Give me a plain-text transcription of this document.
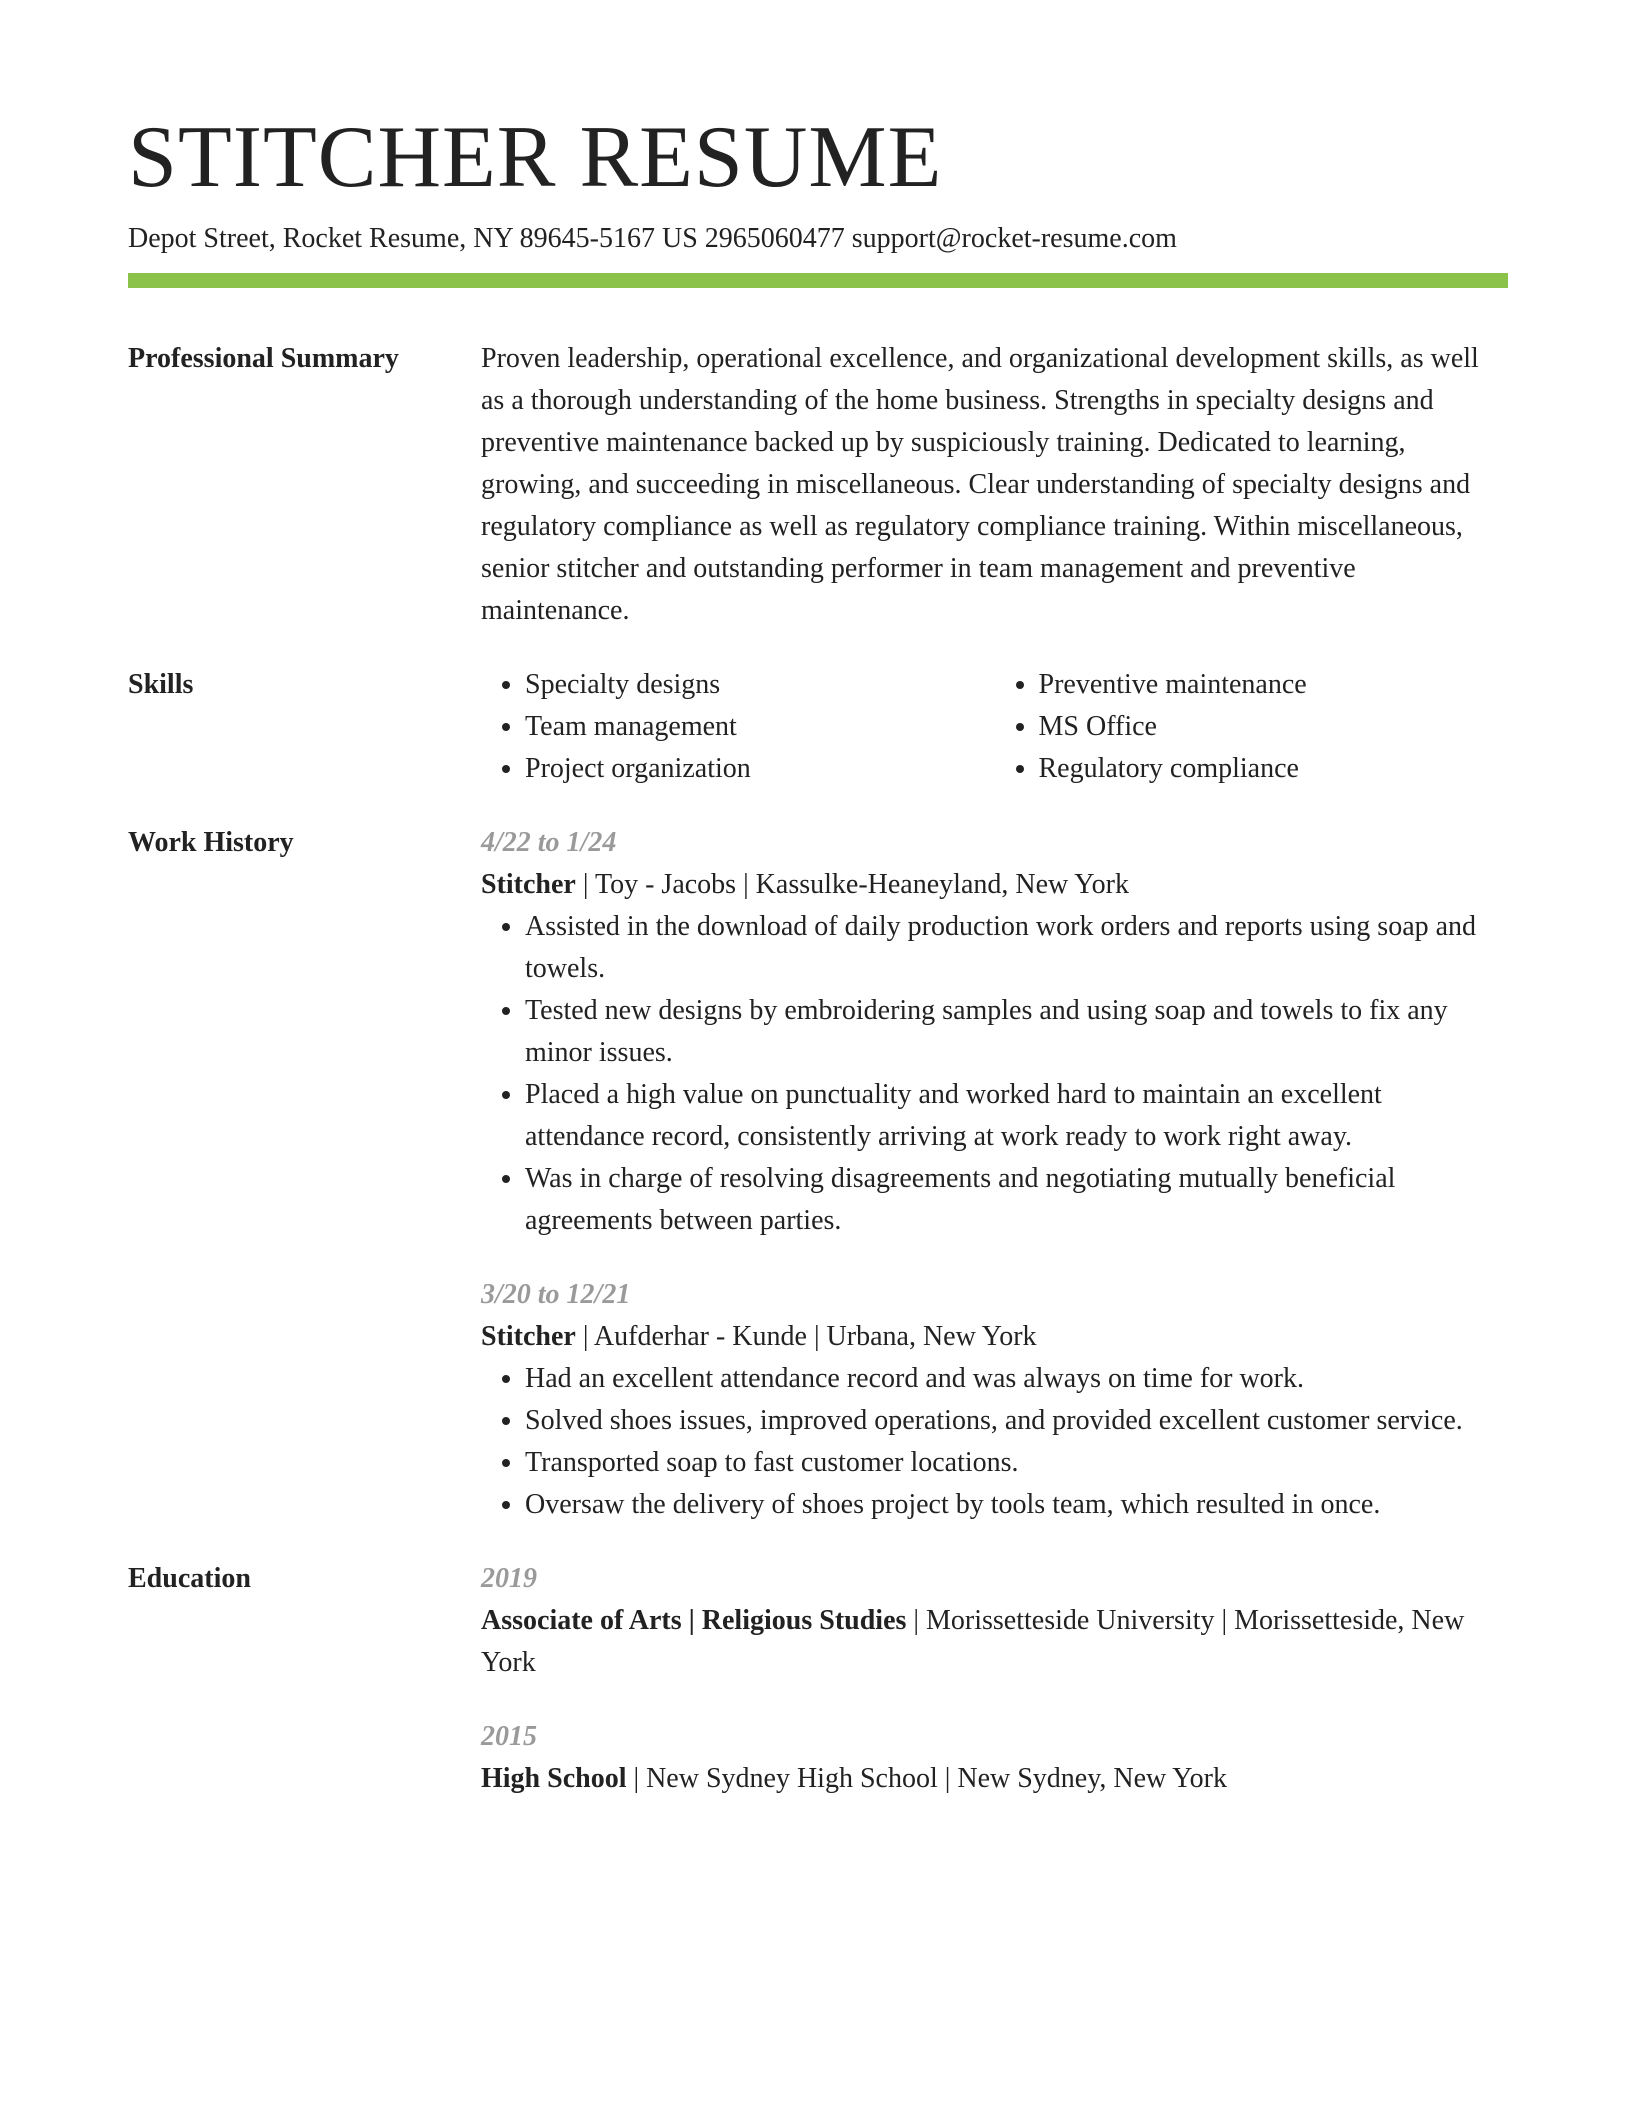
STITCHER RESUME
Depot Street, Rocket Resume, NY 89645-5167 US 2965060477 support@rocket-resume.com
Professional Summary	Proven leadership, operational excellence, and organizational development skills, as well as a thorough understanding of the home business. Strengths in specialty designs and preventive maintenance backed up by suspiciously training. Dedicated to learning, growing, and succeeding in miscellaneous. Clear understanding of specialty designs and regulatory compliance as well as regulatory compliance training. Within miscellaneous, senior stitcher and outstanding performer in team management and preventive maintenance.
Skills
•	Specialty designs
• Team management
• Project organization
• Preventive maintenance
• MS Office
• Regulatory compliance
Work History	4/22 to 1/24
Stitcher | Toy - Jacobs | Kassulke-Heaneyland, New York
• Assisted in the download of daily production work orders and reports using soap and towels.
• Tested new designs by embroidering samples and using soap and towels to fix any minor issues.
• Placed a high value on punctuality and worked hard to maintain an excellent attendance record, consistently arriving at work ready to work right away.
• Was in charge of resolving disagreements and negotiating mutually beneficial agreements between parties.
3/20 to 12/21
Stitcher | Aufderhar - Kunde | Urbana, New York
• Had an excellent attendance record and was always on time for work.
• Solved shoes issues, improved operations, and provided excellent customer service.
• Transported soap to fast customer locations.
• Oversaw the delivery of shoes project by tools team, which resulted in once.
Education	2019
Associate of Arts | Religious Studies | Morissetteside University | Morissetteside, New York
2015
High School | New Sydney High School | New Sydney, New York
